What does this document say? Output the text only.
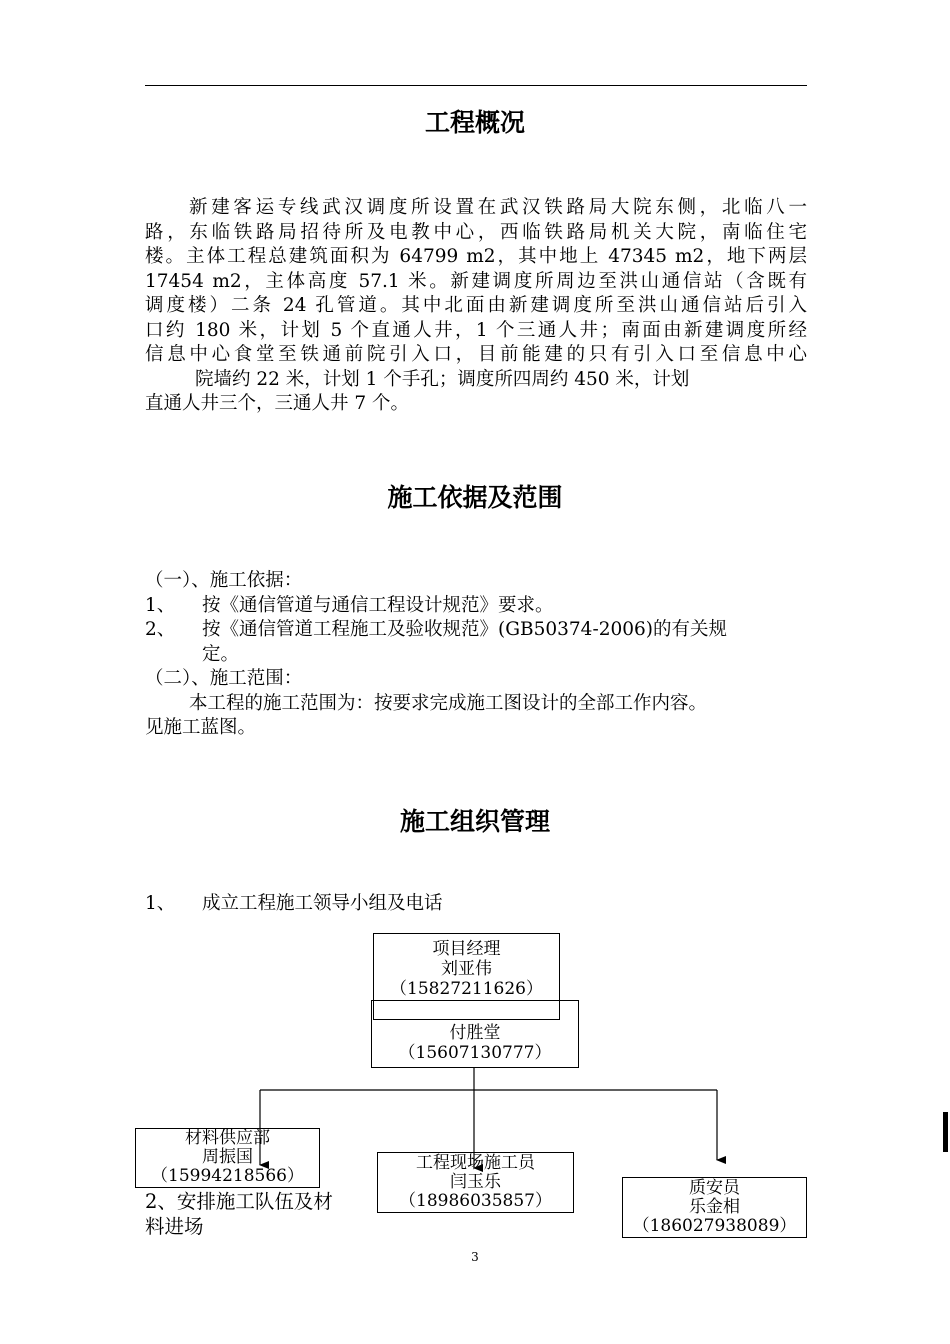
工程概况
新建客运专线武汉调度所设置在武汉铁路局大院东侧，北临八一
路，东临铁路局招待所及电教中心，西临铁路局机关大院，南临住宅
楼。主体工程总建筑面积为 64799 m2，其中地上 47345 m2，地下两层
17454 m2，主体高度 57.1 米。新建调度所周边至洪山通信站（含既有
调度楼）二条 24 孔管道。其中北面由新建调度所至洪山通信站后引入
口约 180 米，计划 5 个直通人井，1 个三通人井；南面由新建调度所经
信息中心食堂至铁通前院引入口，目前能建的只有引入口至信息中心
院墙约 22 米，计划 1 个手孔；调度所四周约 450 米，计划
直通人井三个，三通人井 7 个。
施工依据及范围
（一）、施工依据：
1、 按《通信管道与通信工程设计规范》要求。
2、 按《通信管道工程施工及验收规范》(GB50374-2006)的有关规
定。
（二）、施工范围：
本工程的施工范围为：按要求完成施工图设计的全部工作内容。
见施工蓝图。
施工组织管理
1、 成立工程施工领导小组及电话
付胜堂
（15607130777）
项目经理
刘亚伟
（15827211626）
材料供应部
周振国
（15994218566）
工程现场施工员
闫玉乐
（18986035857）
质安员
乐金相
（18602793808​9）
2、安排施工队伍及材
料进场
3
